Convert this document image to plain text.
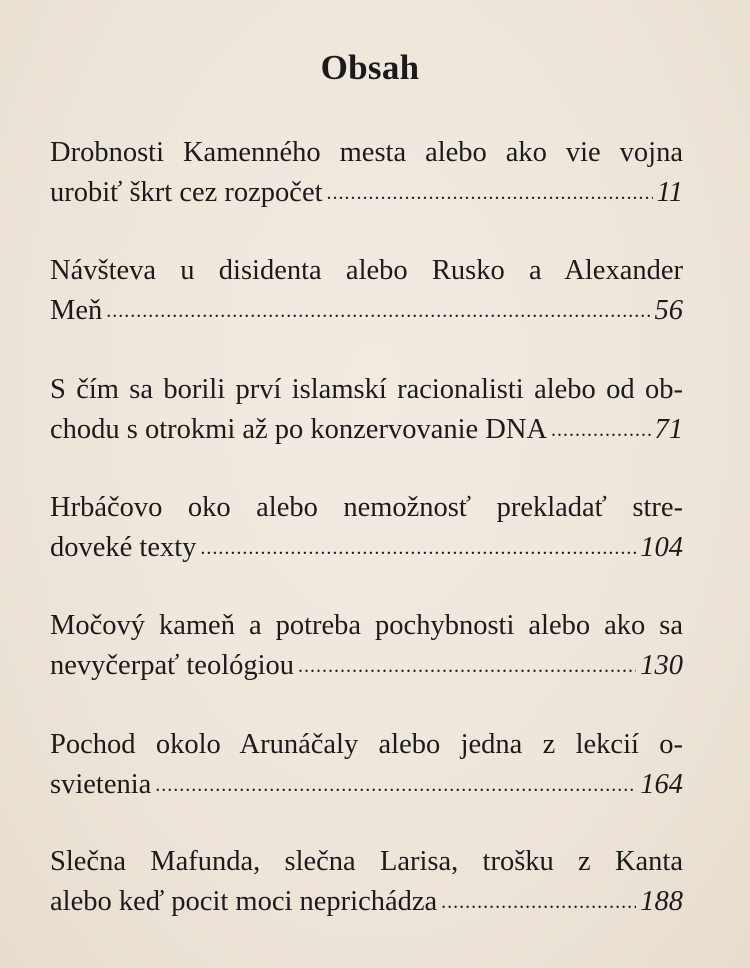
Obsah
Drobnosti Kamenného mesta alebo ako vie vojna
urobiť škrt cez rozpočet .....	11
Návšteva u disidenta alebo Rusko a Alexander
Meň .....	56
S čím sa borili prví islamskí racionalisti alebo od ob-
chodu s otrokmi až po konzervovanie DNA .....	71
Hrbáčovo oko alebo nemožnosť prekladať stre-
doveké texty .....	104
Močový kameň a potreba pochybnosti alebo ako sa
nevyčerpať teológiou .....	130
Pochod okolo Arunáčaly alebo jedna z lekcií o-
svietenia .....	164
Slečna Mafunda, slečna Larisa, trošku z Kanta
alebo keď pocit moci neprichádza .....	188
